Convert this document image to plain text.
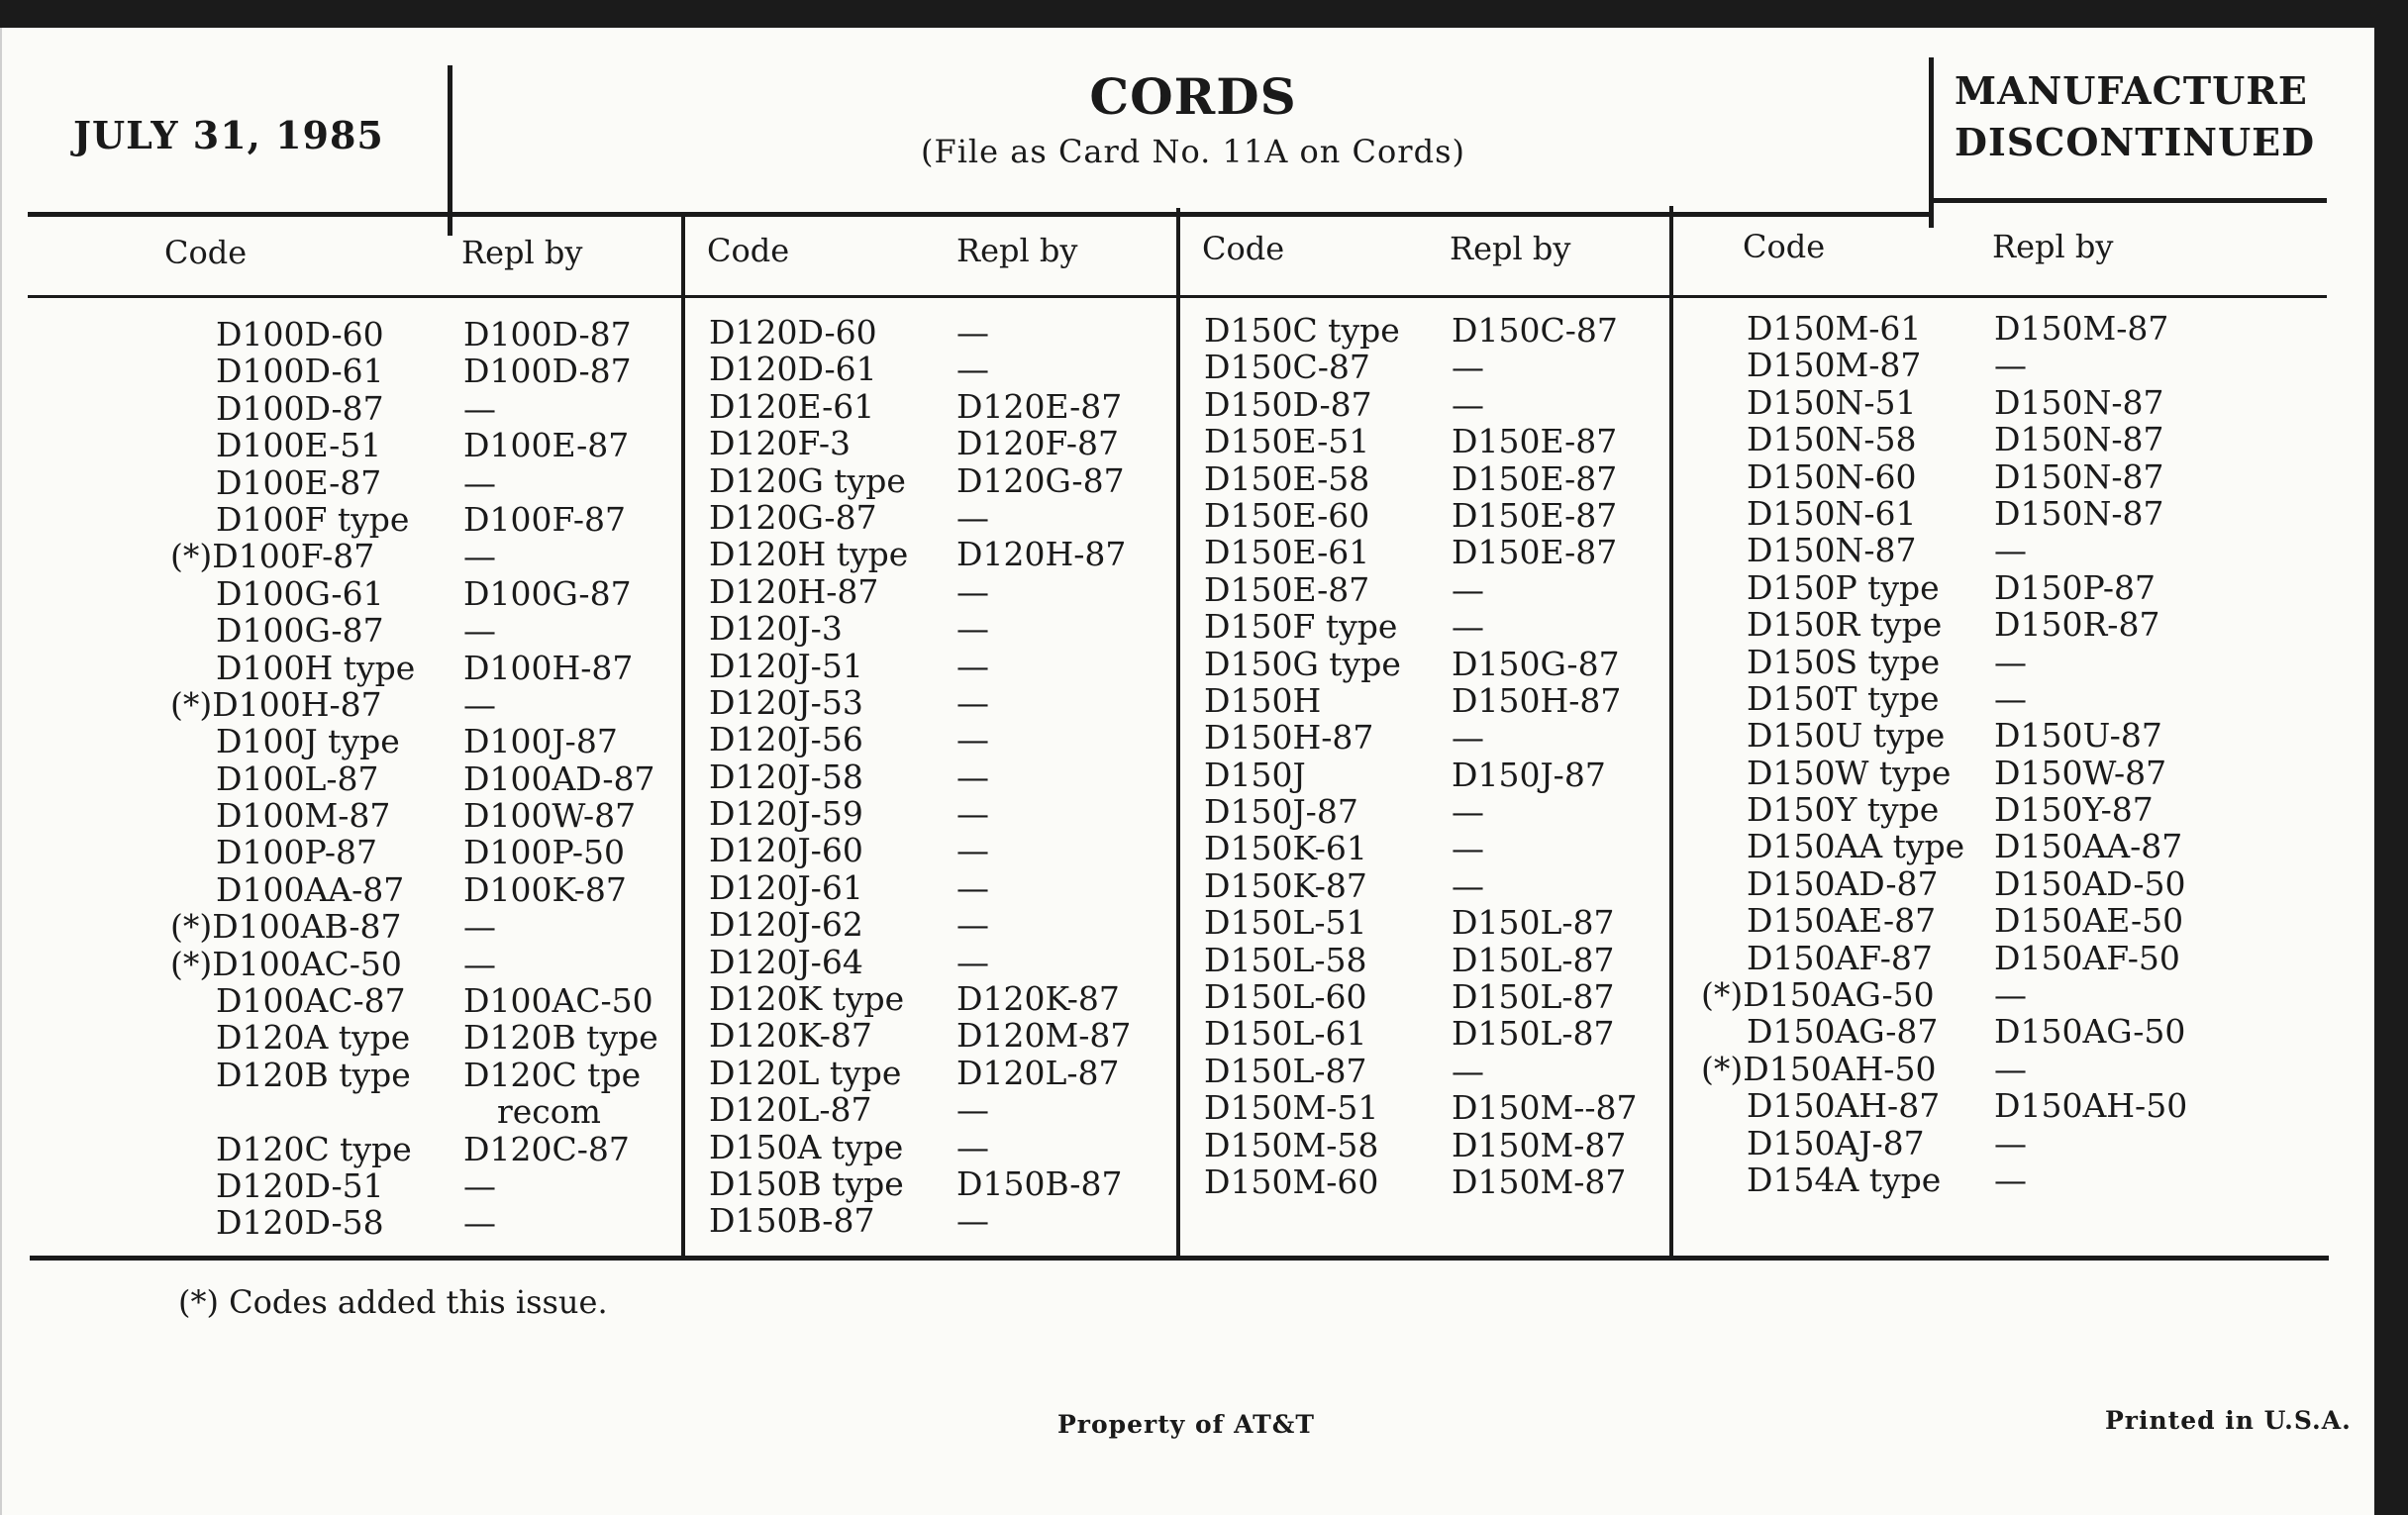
JULY 31, 1985
CORDS
(File as Card No. 11A on Cords)
MANUFACTURE
DISCONTINUED
Code	Repl by	Code	Repl by	Code	Repl by	Code	Repl by
D100D-60 D100D-87
D100D-61 D100D-87
D100D-87 —
D100E-51	D100E-87
D100E-87	—
D100F type D100F-87
(*)D100F-87	—
D100G-61 D100G-87
D100G-87 —
D100H type D100H-87
(*)D100H-87 —
D100J type D100J-87
D100L-87	D100AD-87
D100M-87 D100W-87
D100P-87	D100P-50
D100AA-87 D100K-87
(*)D100AB-87 —
(*)D100AC-50 —
D100AC-87 D100AC-50
D120A type D120B type
D120B type D120C tpe
recom
D120C type D120C-87
D120D-51 —
D120D-58 —
D120D-60 —
D120D-61 —
D120E-61	D120E-87
D120F-3	D120F-87
D120G type D120G-87
D120G-87 —
D120H type D120H-87
D120H-87 —
D120J-3	—
D120J-51	—
D120J-53	—
D120J-56	—
D120J-58	—
D120J-59	—
D120J-60	—
D120J-61	—
D120J-62	—
D120J-64	—
D120K type D120K-87
D120K-87	D120M-87
D120L type D120L-87
D120L-87	—
D150A type —
D150B type D150B-87
D150B-87	—
D150C type D150C-87
D150C-87 —
D150D-87 —
D150E-51	D150E-87
D150E-58	D150E-87
D150E-60	D150E-87
D150E-61	D150E-87
D150E-87	—
D150F type —
D150G type D150G-87
D150H	D150H-87
D150H-87 —
D150J	D150J-87
D150J-87	—
D150K-61	—
D150K-87	—
D150L-51	D150L-87
D150L-58	D150L-87
D150L-60	D150L-87
D150L-61	D150L-87
D150L-87	—
D150M-51 D150M--87
D150M-58 D150M-87
D150M-60 D150M-87
D150M-61 D150M-87
D150M-87 —
D150N-51 D150N-87
D150N-58 D150N-87
D150N-60 D150N-87
D150N-61 D150N-87
D150N-87 —
D150P type D150P-87
D150R type D150R-87
D150S type —
D150T type —
D150U type D150U-87
D150W type D150W-87
D150Y type D150Y-87
D150AA type D150AA-87
D150AD-87 D150AD-50
D150AE-87 D150AE-50
D150AF-87 D150AF-50
(*)D150AG-50 —
D150AG-87 D150AG-50
(*)D150AH-50 —
D150AH-87 D150AH-50
D150AJ-87 —
D154A type —
(*) Codes added this issue.
Property of AT&T	Printed in U.S.A.
